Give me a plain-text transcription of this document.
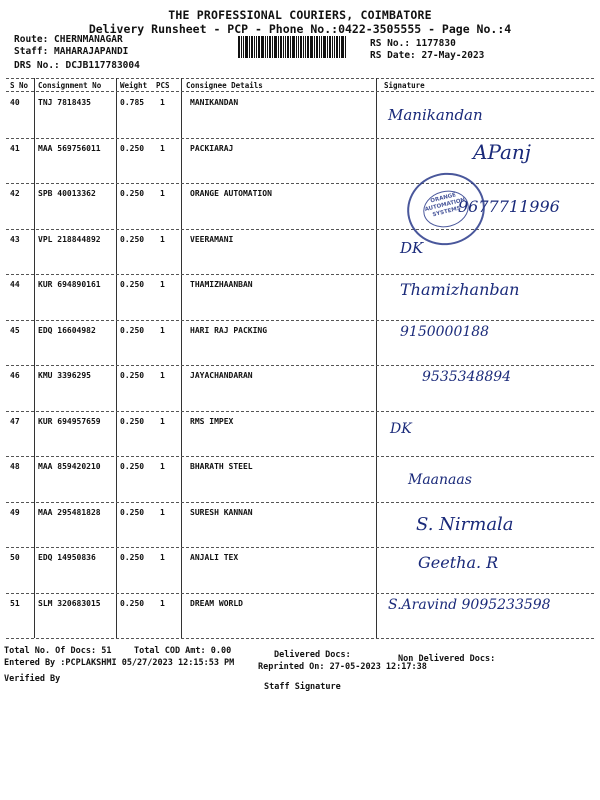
THE PROFESSIONAL COURIERS, COIMBATORE
Delivery Runsheet - PCP - Phone No.:0422-3505555 - Page No.:4
Route: CHERNMANAGAR
Staff: MAHARAJAPANDI
DRS No.: DCJB117783004
RS No.: 1177830
RS Date: 27-May-2023
S No Consignment No	Weight PCS Consignee Details	Signature
40 TNJ 7818435	0.785 1	MANIKANDAN
Manikandan
41 MAA 569756011 0.250 1	PACKIARAJ	APanj
42 SPB 40013362	0.250 1	ORANGE AUTOMATION
9677711996
43 VPL 218844892 0.250 1	VEERAMANI	DK
44 KUR 694890161 0.250 1	THAMIZHAANBAN	Thamizhanban
45 EDQ 16604982	0.250 1	HARI RAJ PACKING	9150000188
46 KMU 3396295	0.250 1	JAYACHANDARAN	9535348894
47 KUR 694957659 0.250 1	RMS IMPEX	DK
48 MAA 859420210 0.250 1	BHARATH STEEL
Maanaas
49 MAA 295481828 0.250 1	SURESH KANNAN
S. Nirmala
50 EDQ 14950836	0.250 1	ANJALI TEX	Geetha. R
51 SLM 320683015 0.250 1	DREAM WORLD	S.Aravind 9095233598
ORANGE AUTOMATION SYSTEMS
Total No. Of Docs: 51	Total COD Amt: 0.00	Delivered Docs:	Non Delivered Docs:
Entered By :PCPLAKSHMI 05/27/2023 12:15:53 PM	Reprinted On: 27-05-2023 12:17:38
Verified By
Staff Signature
